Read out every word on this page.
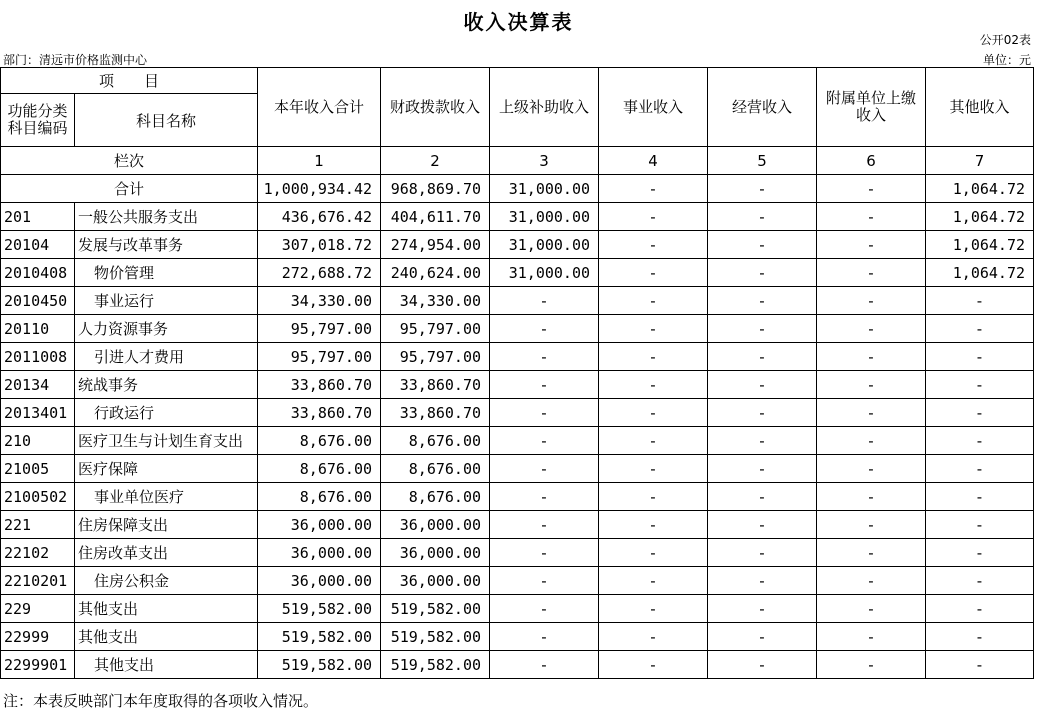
收入决算表
公开02表
部门：清远市价格监测中心	单位：元
项　　目		本年收入合计	财政拨款收入	上级补助收入	事业收入	经营收入	附属单位上缴 收入	其他收入
功能分类 科目编码	科目名称							
栏次		1	2	3	4	5	6	7
合计		1,000,934.42	968,869.70	31,000.00	-	-	-	1,064.72
201	一般公共服务支出	436,676.42	404,611.70	31,000.00	-	-	-	1,064.72
20104	发展与改革事务	307,018.72	274,954.00	31,000.00	-	-	-	1,064.72
2010408	物价管理	272,688.72	240,624.00	31,000.00	-	-	-	1,064.72
2010450	事业运行	34,330.00	34,330.00	-	-	-	-	-
20110	人力资源事务	95,797.00	95,797.00	-	-	-	-	-
2011008	引进人才费用	95,797.00	95,797.00	-	-	-	-	-
20134	统战事务	33,860.70	33,860.70	-	-	-	-	-
2013401	行政运行	33,860.70	33,860.70	-	-	-	-	-
210	医疗卫生与计划生育支出	8,676.00	8,676.00	-	-	-	-	-
21005	医疗保障	8,676.00	8,676.00	-	-	-	-	-
2100502	事业单位医疗	8,676.00	8,676.00	-	-	-	-	-
221	住房保障支出	36,000.00	36,000.00	-	-	-	-	-
22102	住房改革支出	36,000.00	36,000.00	-	-	-	-	-
2210201	住房公积金	36,000.00	36,000.00	-	-	-	-	-
229	其他支出	519,582.00	519,582.00	-	-	-	-	-
22999	其他支出	519,582.00	519,582.00	-	-	-	-	-
2299901	其他支出	519,582.00	519,582.00	-	-	-	-	-
注：本表反映部门本年度取得的各项收入情况。
